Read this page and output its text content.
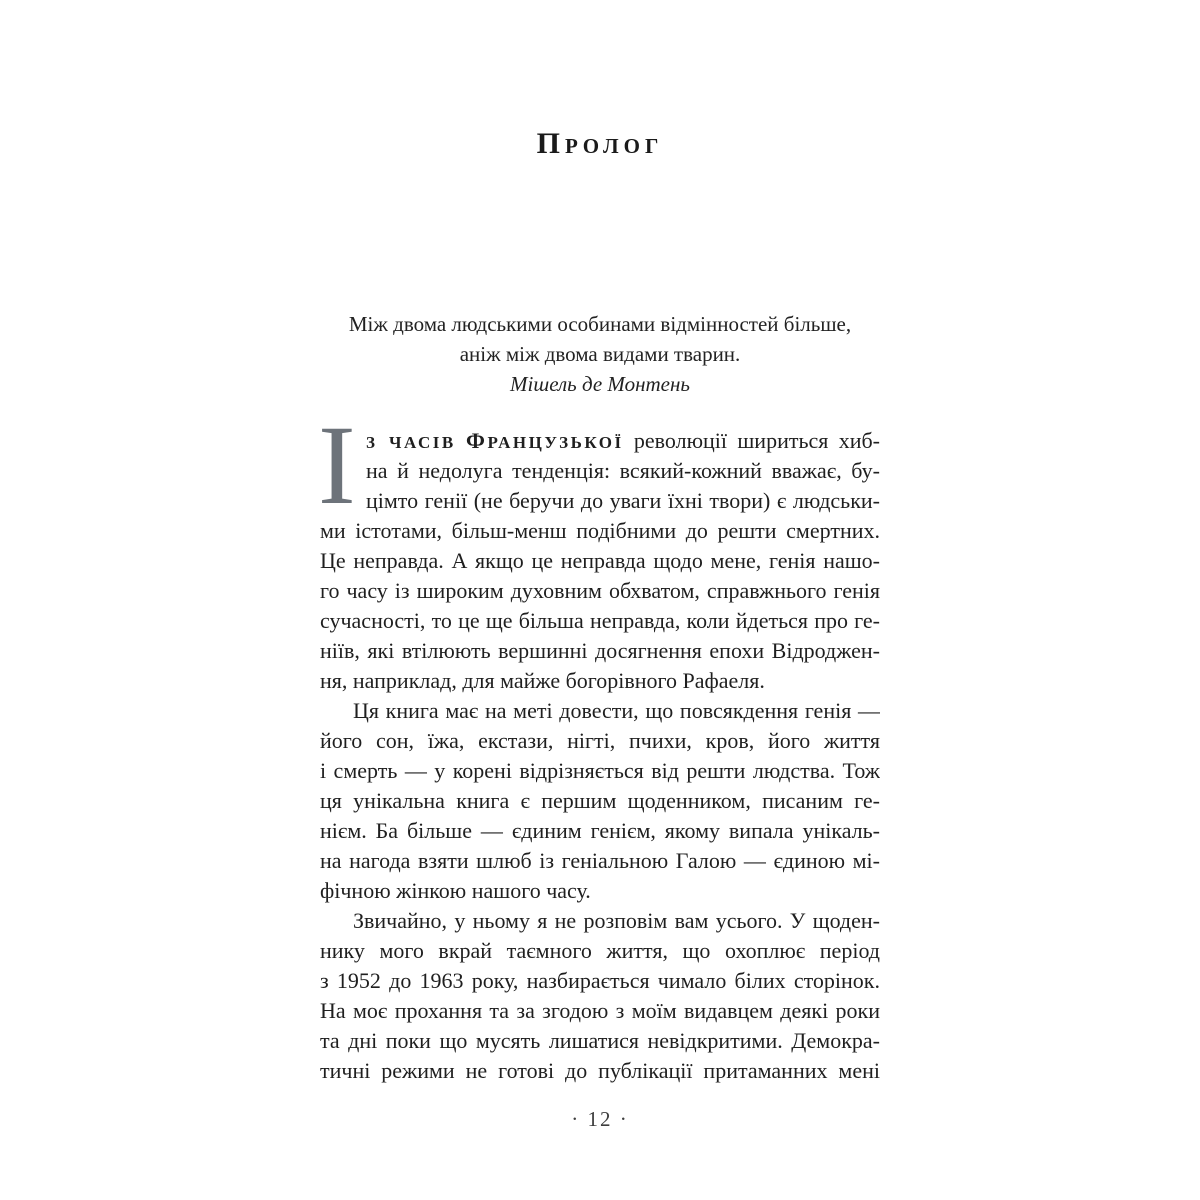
ПРОЛОГ
Між двома людськими особинами відмінностей більше,
аніж між двома видами тварин.
Мішель де Монтень
І З ЧАСІВ ФРАНЦУЗЬКОЇ революції шириться хиб-
на й недолуга тенденція: всякий-кожний вважає, бу-
цімто генії (не беручи до уваги їхні твори) є людськи-
ми істотами, більш-менш подібними до решти смертних.
Це неправда. А якщо це неправда щодо мене, генія нашо-
го часу із широким духовним обхватом, справжнього генія
сучасності, то це ще більша неправда, коли йдеться про ге-
ніїв, які втілюють вершинні досягнення епохи Відроджен-
ня, наприклад, для майже богорівного Рафаеля.
Ця книга має на меті довести, що повсякдення генія —
його сон, їжа, екстази, нігті, пчихи, кров, його життя
і смерть — у корені відрізняється від решти людства. Тож
ця унікальна книга є першим щоденником, писаним ге-
нієм. Ба більше — єдиним генієм, якому випала унікаль-
на нагода взяти шлюб із геніальною Галою — єдиною мі-
фічною жінкою нашого часу.
Звичайно, у ньому я не розповім вам усього. У щоден-
нику мого вкрай таємного життя, що охоплює період
з 1952 до 1963 року, назбирається чимало білих сторінок.
На моє прохання та за згодою з моїм видавцем деякі роки
та дні поки що мусять лишатися невідкритими. Демокра-
тичні режими не готові до публікації притаманних мені
· 12 ·
